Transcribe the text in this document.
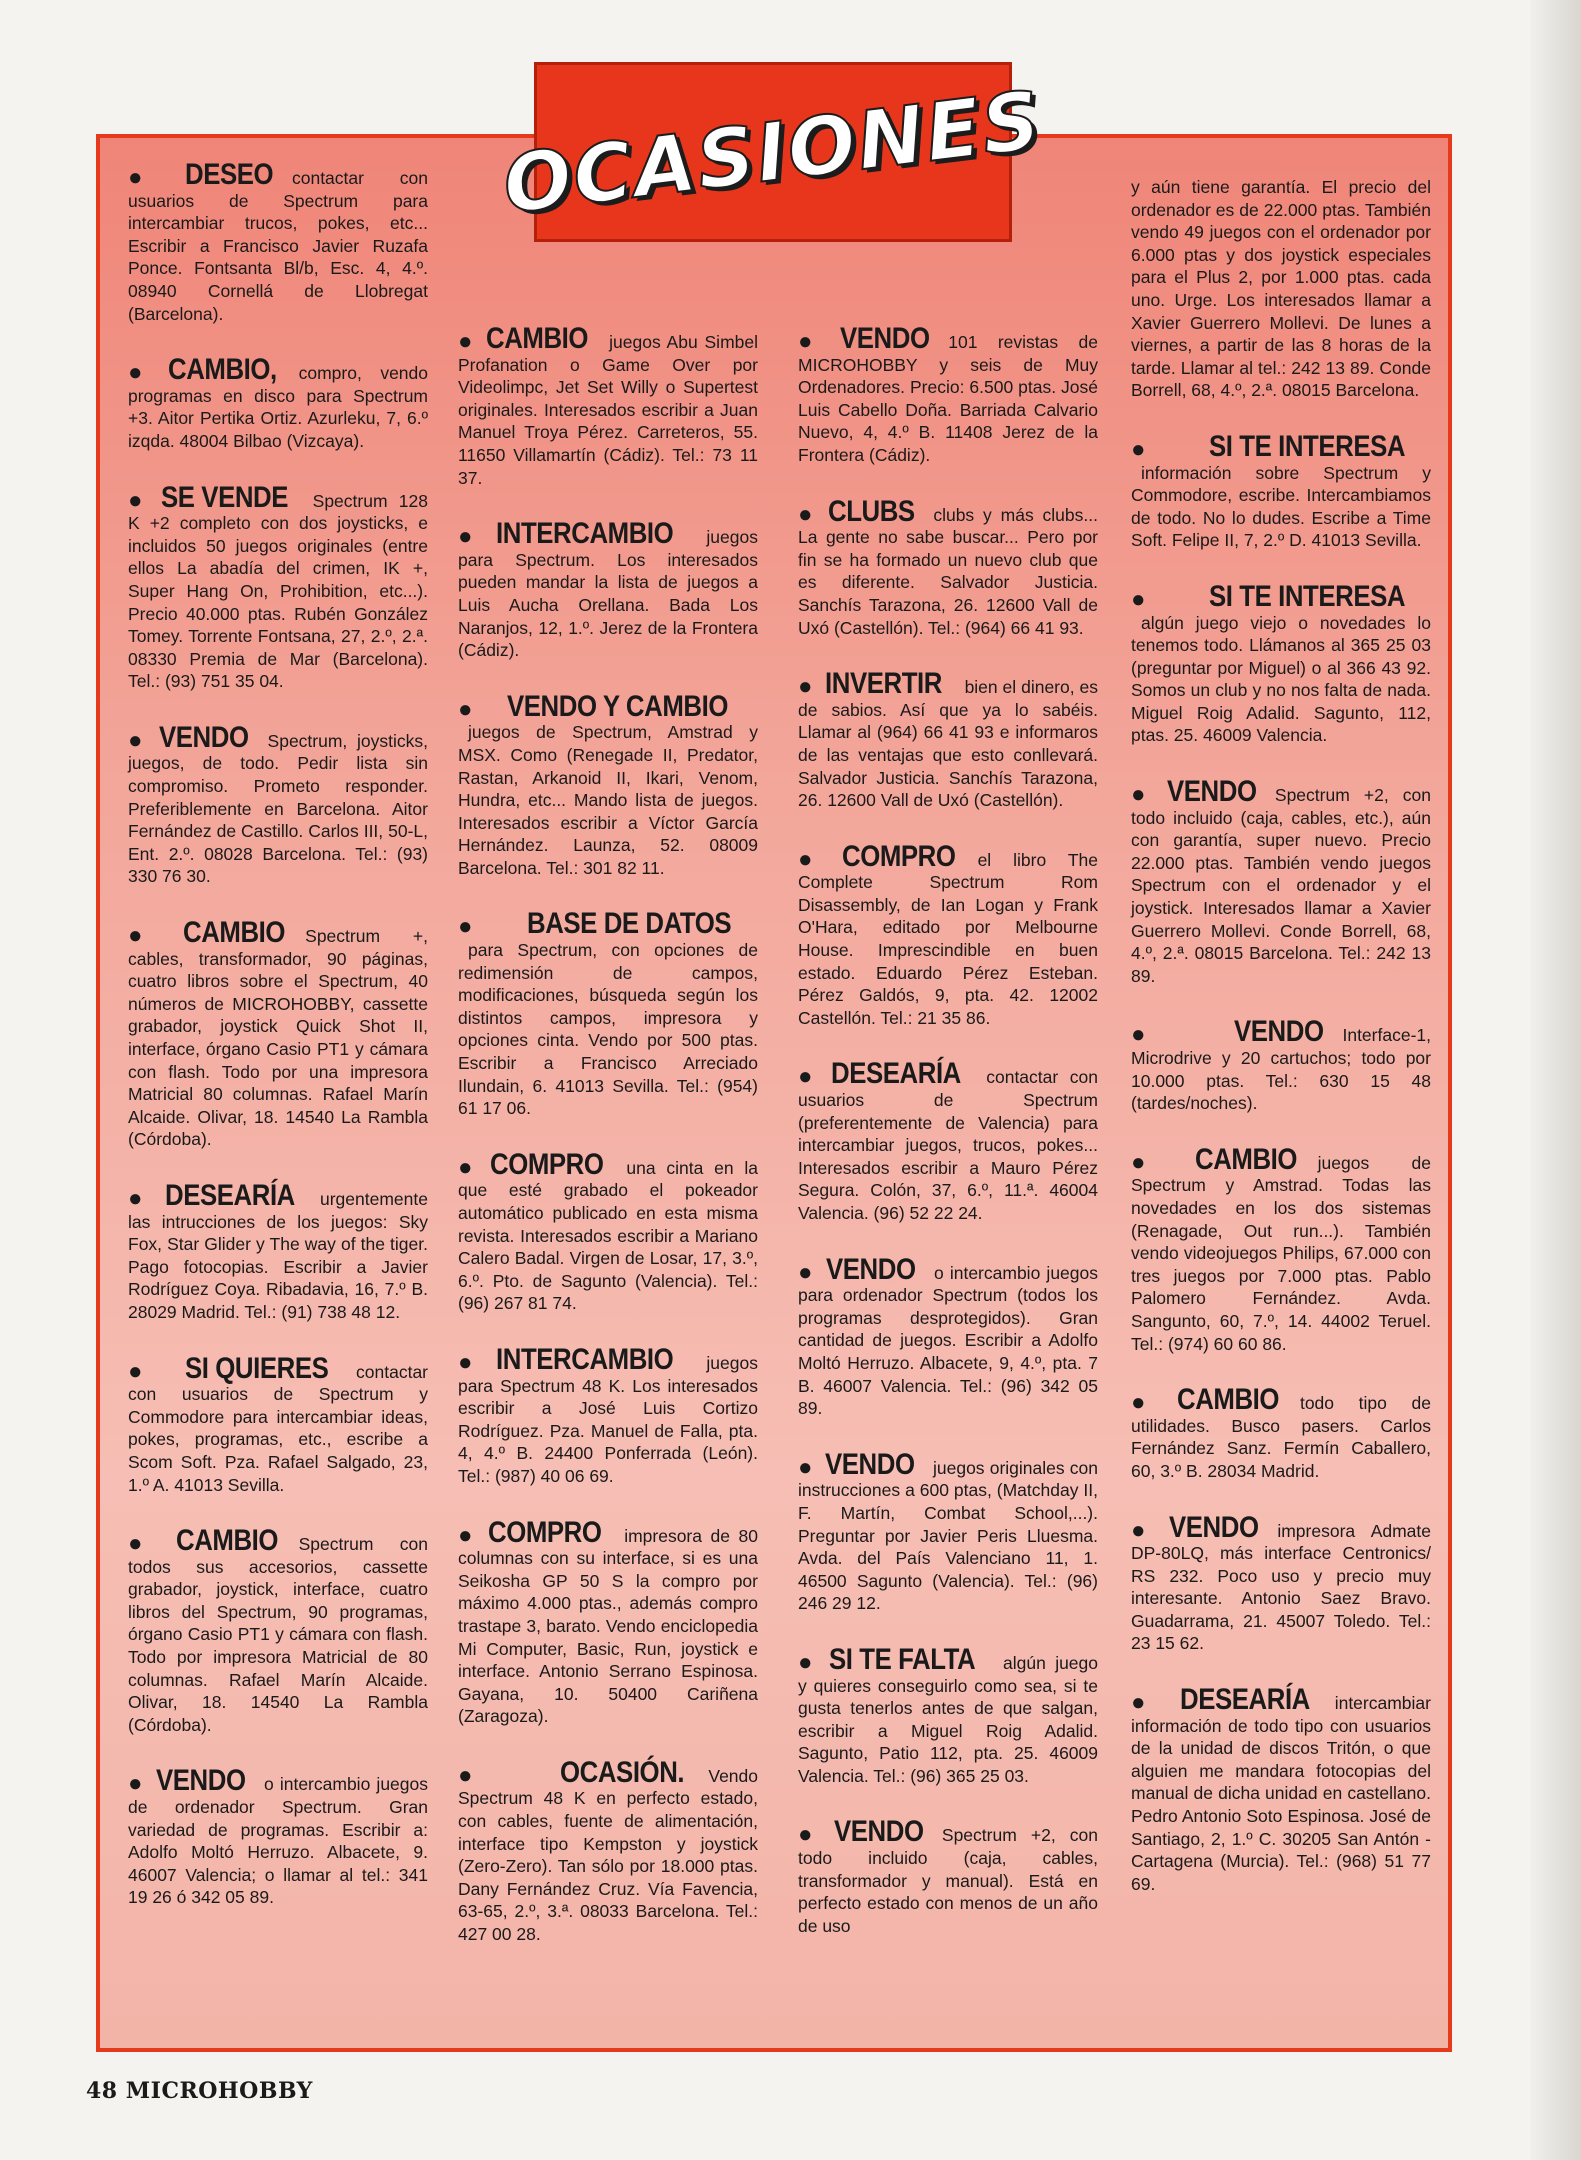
● DESEO contactar con usuarios de Spectrum para intercambiar trucos, pokes, etc... Escribir a Francisco Javier Ruzafa Ponce. Fontsanta Bl/b, Esc. 4, 4.º. 08940 Cornellá de Llobregat (Barcelona).

● CAMBIO, compro, vendo programas en disco para Spectrum +3. Aitor Pertika Ortiz. Azurleku, 7, 6.º izqda. 48004 Bilbao (Vizcaya).

● SE VENDE Spectrum 128 K +2 completo con dos joysticks, e incluidos 50 juegos originales (entre ellos La abadía del crimen, IK +, Super Hang On, Prohibition, etc...). Precio 40.000 ptas. Rubén González Tomey. Torrente Fontsana, 27, 2.º, 2.ª. 08330 Premia de Mar (Barcelona). Tel.: (93) 751 35 04.

● VENDO Spectrum, joysticks, juegos, de todo. Pedir lista sin compromiso. Prometo responder. Preferiblemente en Barcelona. Aitor Fernández de Castillo. Carlos III, 50-L, Ent. 2.º. 08028 Barcelona. Tel.: (93) 330 76 30.

● CAMBIO Spectrum +, cables, transformador, 90 páginas, cuatro libros sobre el Spectrum, 40 números de MICROHOBBY, cassette grabador, joystick Quick Shot II, interface, órgano Casio PT1 y cámara con flash. Todo por una impresora Matricial 80 columnas. Rafael Marín Alcaide. Olivar, 18. 14540 La Rambla (Córdoba).

● DESEARÍA urgentemente las intrucciones de los juegos: Sky Fox, Star Glider y The way of the tiger. Pago fotocopias. Escribir a Javier Rodríguez Coya. Ribadavia, 16, 7.º B. 28029 Madrid. Tel.: (91) 738 48 12.

● SI QUIERES contactar con usuarios de Spectrum y Commodore para intercambiar ideas, pokes, programas, etc., escribe a Scom Soft. Pza. Rafael Salgado, 23, 1.º A. 41013 Sevilla.

● CAMBIO Spectrum con todos sus accesorios, cassette grabador, joystick, interface, cuatro libros del Spectrum, 90 programas, órgano Casio PT1 y cámara con flash. Todo por impresora Matricial de 80 columnas. Rafael Marín Alcaide. Olivar, 18. 14540 La Rambla (Córdoba).

● VENDO o intercambio juegos de ordenador Spectrum. Gran variedad de programas. Escribir a: Adolfo Moltó Herruzo. Albacete, 9. 46007 Valencia; o llamar al tel.: 341 19 26 ó 342 05 89.

● CAMBIO juegos Abu Simbel Profanation o Game Over por Videolimpc, Jet Set Willy o Supertest originales. Interesados escribir a Juan Manuel Troya Pérez. Carreteros, 55. 11650 Villamartín (Cádiz). Tel.: 73 11 37.

● INTERCAMBIO juegos para Spectrum. Los interesados pueden mandar la lista de juegos a Luis Aucha Orellana. Bada Los Naranjos, 12, 1.º. Jerez de la Frontera (Cádiz).

● VENDO Y CAMBIOjuegos de Spectrum, Amstrad y MSX. Como (Renegade II, Predator, Rastan, Arkanoid II, Ikari, Venom, Hundra, etc... Mando lista de juegos. Interesados escribir a Víctor García Hernández. Launza, 52. 08009 Barcelona. Tel.: 301 82 11.

● BASE DE DATOSpara Spectrum, con opciones de redimensión de campos, modificaciones, búsqueda según los distintos campos, impresora y opciones cinta. Vendo por 500 ptas. Escribir a Francisco Arreciado Ilundain, 6. 41013 Sevilla. Tel.: (954) 61 17 06.

● COMPRO una cinta en la que esté grabado el pokeador automático publicado en esta misma revista. Interesados escribir a Mariano Calero Badal. Virgen de Losar, 17, 3.º, 6.º. Pto. de Sagunto (Valencia). Tel.: (96) 267 81 74.

● INTERCAMBIO juegos para Spectrum 48 K. Los interesados escribir a José Luis Cortizo Rodríguez. Pza. Manuel de Falla, pta. 4, 4.º B. 24400 Ponferrada (León). Tel.: (987) 40 06 69.

● COMPRO impresora de 80 columnas con su interface, si es una Seikosha GP 50 S la compro por máximo 4.000 ptas., además compro trastape 3, barato. Vendo enciclopedia Mi Computer, Basic, Run, joystick e interface. Antonio Serrano Espinosa. Gayana, 10. 50400 Cariñena (Zaragoza).

● OCASIÓN. Vendo Spectrum 48 K en perfecto estado, con cables, fuente de alimentación, interface tipo Kempston y joystick (Zero-Zero). Tan sólo por 18.000 ptas. Dany Fernández Cruz. Vía Favencia, 63-65, 2.º, 3.ª. 08033 Barcelona. Tel.: 427 00 28.

● VENDO 101 revistas de MICROHOBBY y seis de Muy Ordenadores. Precio: 6.500 ptas. José Luis Cabello Doña. Barriada Calvario Nuevo, 4, 4.º B. 11408 Jerez de la Frontera (Cádiz).

● CLUBS clubs y más clubs... La gente no sabe buscar... Pero por fin se ha formado un nuevo club que es diferente. Salvador Justicia. Sanchís Tarazona, 26. 12600 Vall de Uxó (Castellón). Tel.: (964) 66 41 93.

● INVERTIR bien el dinero, es de sabios. Así que ya lo sabéis. Llamar al (964) 66 41 93 e informaros de las ventajas que esto conllevará. Salvador Justicia. Sanchís Tarazona, 26. 12600 Vall de Uxó (Castellón).

● COMPRO el libro The Complete Spectrum Rom Disassembly, de Ian Logan y Frank O'Hara, editado por Melbourne House. Imprescindible en buen estado. Eduardo Pérez Esteban. Pérez Galdós, 9, pta. 42. 12002 Castellón. Tel.: 21 35 86.

● DESEARÍA contactar con usuarios de Spectrum (preferentemente de Valencia) para intercambiar juegos, trucos, pokes... Interesados escribir a Mauro Pérez Segura. Colón, 37, 6.º, 11.ª. 46004 Valencia. (96) 52 22 24.

● VENDO o intercambio juegos para ordenador Spectrum (todos los programas desprotegidos). Gran cantidad de juegos. Escribir a Adolfo Moltó Herruzo. Albacete, 9, 4.º, pta. 7 B. 46007 Valencia. Tel.: (96) 342 05 89.

● VENDO juegos originales con instrucciones a 600 ptas, (Matchday II, F. Martín, Combat School,...). Preguntar por Javier Peris Lluesma. Avda. del País Valenciano 11, 1. 46500 Sagunto (Valencia). Tel.: (96) 246 29 12.

● SI TE FALTA algún juego y quieres conseguirlo como sea, si te gusta tenerlos antes de que salgan, escribir a Miguel Roig Adalid. Sagunto, Patio 112, pta. 25. 46009 Valencia. Tel.: (96) 365 25 03.

● VENDO Spectrum +2, con todo incluido (caja, cables, transformador y manual). Está en perfecto estado con menos de un año de uso

y aún tiene garantía. El precio del ordenador es de 22.000 ptas. También vendo 49 juegos con el ordenador por 6.000 ptas y dos joystick especiales para el Plus 2, por 1.000 ptas. cada uno. Urge. Los interesados llamar a Xavier Guerrero Mollevi. De lunes a viernes, a partir de las 8 horas de la tarde. Llamar al tel.: 242 13 89. Conde Borrell, 68, 4.º, 2.ª. 08015 Barcelona.

● SI TE INTERESAinformación sobre Spectrum y Commodore, escribe. Intercambiamos de todo. No lo dudes. Escribe a Time Soft. Felipe II, 7, 2.º D. 41013 Sevilla.

● SI TE INTERESAalgún juego viejo o novedades lo tenemos todo. Llámanos al 365 25 03 (preguntar por Miguel) o al 366 43 92. Somos un club y no nos falta de nada. Miguel Roig Adalid. Sagunto, 112, ptas. 25. 46009 Valencia.

● VENDO Spectrum +2, con todo incluido (caja, cables, etc.), aún con garantía, super nuevo. Precio 22.000 ptas. También vendo juegos Spectrum con el ordenador y el joystick. Interesados llamar a Xavier Guerrero Mollevi. Conde Borrell, 68, 4.º, 2.ª. 08015 Barcelona. Tel.: 242 13 89.

● VENDO Interface-1, Microdrive y 20 cartuchos; todo por 10.000 ptas. Tel.: 630 15 48 (tardes/noches).

● CAMBIO juegos de Spectrum y Amstrad. Todas las novedades en los dos sistemas (Renagade, Out run...). También vendo videojuegos Philips, 67.000 con tres juegos por 7.000 ptas. Pablo Palomero Fernández. Avda. Sangunto, 60, 7.º, 14. 44002 Teruel. Tel.: (974) 60 60 86.

● CAMBIO todo tipo de utilidades. Busco pasers. Carlos Fernández Sanz. Fermín Caballero, 60, 3.º B. 28034 Madrid.

● VENDO impresora Admate DP-80LQ, más interface Centronics/ RS 232. Poco uso y precio muy interesante. Antonio Saez Bravo. Guadarrama, 21. 45007 Toledo. Tel.: 23 15 62.

● DESEARÍA intercambiar información de todo tipo con usuarios de la unidad de discos Tritón, o que alguien me mandara fotocopias del manual de dicha unidad en castellano. Pedro Antonio Soto Espinosa. José de Santiago, 2, 1.º C. 30205 San Antón - Cartagena (Murcia). Tel.: (968) 51 77 69.

OCASIONES
48 MICROHOBBY
